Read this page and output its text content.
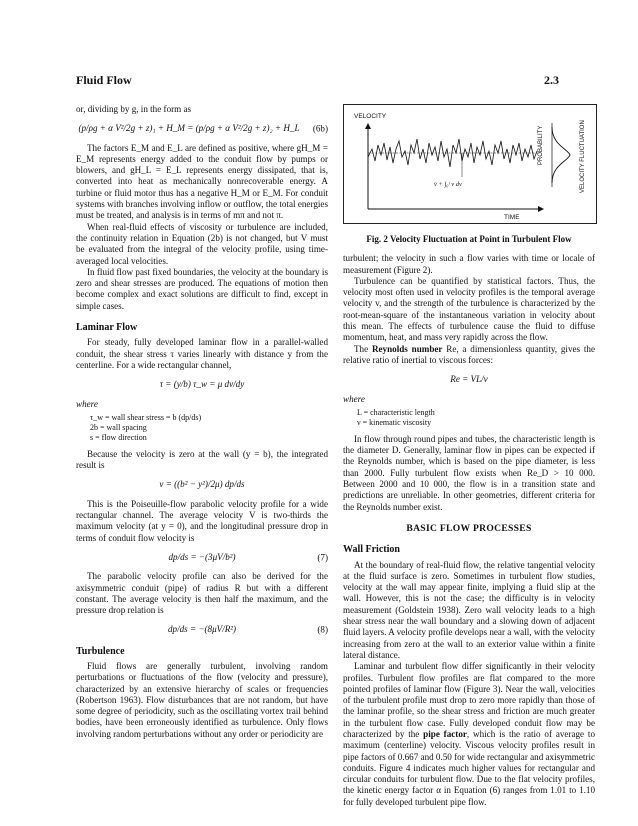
Fluid Flow	2.3

or, dividing by g, in the form as

(p/ρg + α V²/2g + z)₁ + H_M = (p/ρg + α V²/2g + z)₂ + H_L (6b)

The factors E_M and E_L are defined as positive, where gH_M = E_M represents energy added to the conduit flow by pumps or blowers, and gH_L = E_L represents energy dissipated, that is, converted into heat as mechanically nonrecoverable energy. A turbine or fluid motor thus has a negative H_M or E_M. For conduit systems with branches involving inflow or outflow, the total energies must be treated, and analysis is in terms of mπ and not π.

When real-fluid effects of viscosity or turbulence are included, the continuity relation in Equation (2b) is not changed, but V must be evaluated from the integral of the velocity profile, using time-averaged local velocities.

In fluid flow past fixed boundaries, the velocity at the boundary is zero and shear stresses are produced. The equations of motion then become complex and exact solutions are difficult to find, except in simple cases.

Laminar Flow

For steady, fully developed laminar flow in a parallel-walled conduit, the shear stress τ varies linearly with distance y from the centerline. For a wide rectangular channel,

τ = (y/b) τ_w = μ dv/dy
where
τ_w = wall shear stress = b (dp/ds)
2b = wall spacing
s = flow direction

Because the velocity is zero at the wall (y = b), the integrated result is

v = ((b² − y²)/2μ) dp/ds

This is the Poiseuille-flow parabolic velocity profile for a wide rectangular channel. The average velocity V is two-thirds the maximum velocity (at y = 0), and the longitudinal pressure drop in terms of conduit flow velocity is

dp/ds = −(3μV/b²)	(7)

The parabolic velocity profile can also be derived for the axisymmetric conduit (pipe) of radius R but with a different constant. The average velocity is then half the maximum, and the pressure drop relation is

dp/ds = −(8μV/R²)	(8)
Turbulence

Fluid flows are generally turbulent, involving random perturbations or fluctuations of the flow (velocity and pressure), characterized by an extensive hierarchy of scales or frequencies (Robertson 1963). Flow disturbances that are not random, but have some degree of periodicity, such as the oscillating vortex trail behind bodies, have been erroneously identified as turbulence. Only flows involving random perturbations without any order or periodicity are

VELOCITY
TIME
v̄ + ∫₀ᵗ v dv
PROBABILITY	VELOCITY FLUCTUATION
Fig. 2 Velocity Fluctuation at Point in Turbulent Flow

turbulent; the velocity in such a flow varies with time or locale of measurement (Figure 2).

Turbulence can be quantified by statistical factors. Thus, the velocity most often used in velocity profiles is the temporal average velocity v, and the strength of the turbulence is characterized by the root-mean-square of the instantaneous variation in velocity about this mean. The effects of turbulence cause the fluid to diffuse momentum, heat, and mass very rapidly across the flow.

The Reynolds number Re, a dimensionless quantity, gives the relative ratio of inertial to viscous forces:

Re = VL/ν
where
L = characteristic length
ν = kinematic viscosity

In flow through round pipes and tubes, the characteristic length is the diameter D. Generally, laminar flow in pipes can be expected if the Reynolds number, which is based on the pipe diameter, is less than 2000. Fully turbulent flow exists when Re_D > 10 000. Between 2000 and 10 000, the flow is in a transition state and predictions are unreliable. In other geometries, different criteria for the Reynolds number exist.

BASIC FLOW PROCESSES
Wall Friction

At the boundary of real-fluid flow, the relative tangential velocity at the fluid surface is zero. Sometimes in turbulent flow studies, velocity at the wall may appear finite, implying a fluid slip at the wall. However, this is not the case; the difficulty is in velocity measurement (Goldstein 1938). Zero wall velocity leads to a high shear stress near the wall boundary and a slowing down of adjacent fluid layers. A velocity profile develops near a wall, with the velocity increasing from zero at the wall to an exterior value within a finite lateral distance.

Laminar and turbulent flow differ significantly in their velocity profiles. Turbulent flow profiles are flat compared to the more pointed profiles of laminar flow (Figure 3). Near the wall, velocities of the turbulent profile must drop to zero more rapidly than those of the laminar profile, so the shear stress and friction are much greater in the turbulent flow case. Fully developed conduit flow may be characterized by the pipe factor, which is the ratio of average to maximum (centerline) velocity. Viscous velocity profiles result in pipe factors of 0.667 and 0.50 for wide rectangular and axisymmetric conduits. Figure 4 indicates much higher values for rectangular and circular conduits for turbulent flow. Due to the flat velocity profiles, the kinetic energy factor α in Equation (6) ranges from 1.01 to 1.10 for fully developed turbulent pipe flow.
